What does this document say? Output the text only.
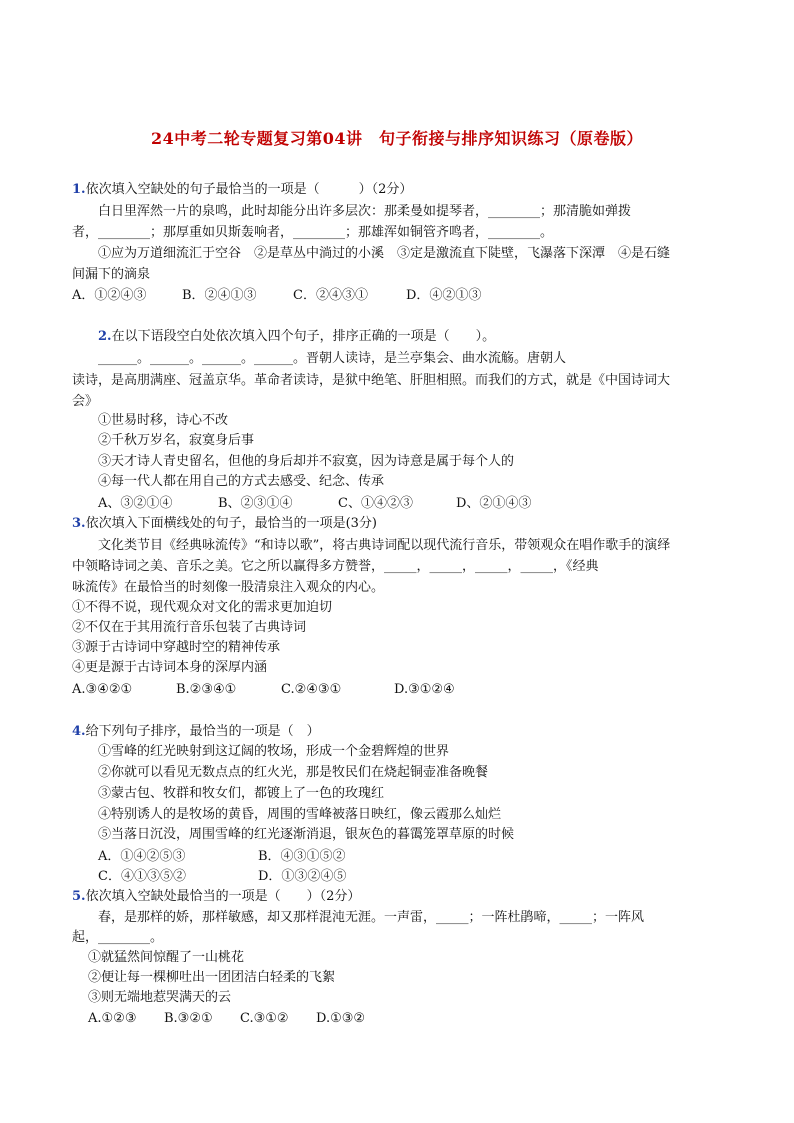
24中考二轮专题复习第04讲　句子衔接与排序知识练习（原卷版）
1.依次填入空缺处的句子最恰当的一项是（　　　）（2分）
白日里浑然一片的泉鸣，此时却能分出许多层次：那柔曼如提琴者，________；那清脆如弹拨
者，________；那厚重如贝斯轰响者，________；那雄浑如铜管齐鸣者，________。
①应为万道细流汇于空谷　②是草丛中淌过的小溪　③定是激流直下陡壁，飞瀑落下深潭　④是石缝
间漏下的滴泉
A．①②④③	B．②④①③	C．②④③①	D．④②①③
2.在以下语段空白处依次填入四个句子，排序正确的一项是（　　）。
______。______。______。______。晋朝人读诗，是兰亭集会、曲水流觞。唐朝人
读诗，是高朋满座、冠盖京华。革命者读诗，是狱中绝笔、肝胆相照。而我们的方式，就是《中国诗词大
会》
①世易时移，诗心不改
②千秋万岁名，寂寞身后事
③天才诗人青史留名，但他的身后却并不寂寞，因为诗意是属于每个人的
④每一代人都在用自己的方式去感受、纪念、传承
A、③②①④	B、②③①④	C、①④②③	D、②①④③
3.依次填入下面横线处的句子，最恰当的一项是(3分)
文化类节目《经典咏流传》“和诗以歌”，将古典诗词配以现代流行音乐，带领观众在唱作歌手的演绎
中领略诗词之美、音乐之美。它之所以赢得多方赞誉，_____，_____，_____，_____，《经典
咏流传》在最恰当的时刻像一股清泉注入观众的内心。
①不得不说，现代观众对文化的需求更加迫切
②不仅在于其用流行音乐包装了古典诗词
③源于古诗词中穿越时空的精神传承
④更是源于古诗词本身的深厚内涵
A.③④②①	B.②③④①	C.②④③①	D.③①②④
4.给下列句子排序，最恰当的一项是（　）
①雪峰的红光映射到这辽阔的牧场，形成一个金碧辉煌的世界
②你就可以看见无数点点的红火光，那是牧民们在烧起铜壶准备晚餐
③蒙古包、牧群和牧女们，都镀上了一色的玫瑰红
④特别诱人的是牧场的黄昏，周围的雪峰被落日映红，像云霞那么灿烂
⑤当落日沉没，周围雪峰的红光逐渐消退，银灰色的暮霭笼罩草原的时候
A．①④②⑤③	B．④③①⑤②
C．④①③⑤②	D．①③②④⑤
5.依次填入空缺处最恰当的一项是（　　）（2分）
春，是那样的娇，那样敏感，却又那样混沌无涯。一声雷，_____；一阵杜鹃啼，_____；一阵风
起，________。
①就猛然间惊醒了一山桃花
②便让每一棵柳吐出一团团洁白轻柔的飞絮
③则无端地惹哭满天的云
A.①②③ B.③②① C.③①② D.①③②
